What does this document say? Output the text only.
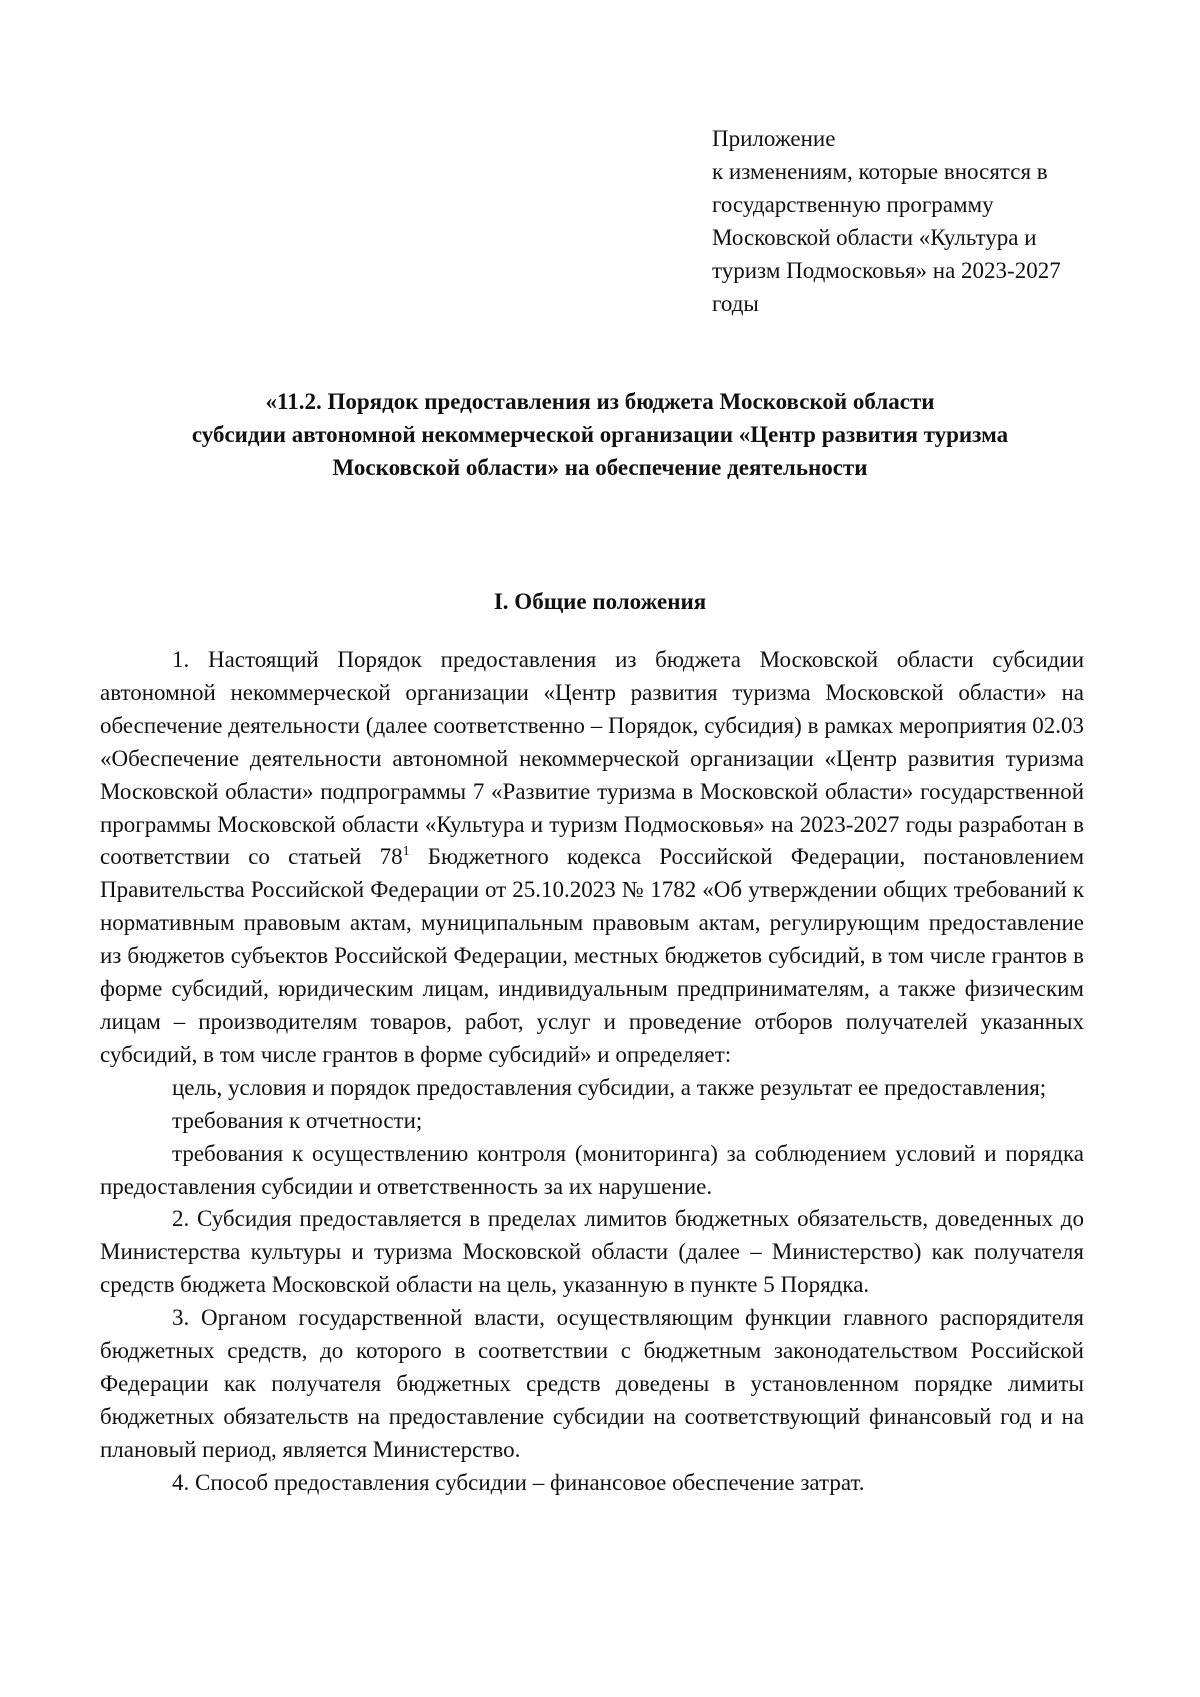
Приложение
к изменениям, которые вносятся в
государственную программу
Московской области «Культура и
туризм Подмосковья» на 2023-2027
годы
«11.2. Порядок предоставления из бюджета Московской области
субсидии автономной некоммерческой организации «Центр развития туризма
Московской области» на обеспечение деятельности
I. Общие положения

1. Настоящий Порядок предоставления из бюджета Московской области субсидии автономной некоммерческой организации «Центр развития туризма Московской области» на обеспечение деятельности (далее соответственно – Порядок, субсидия) в рамках мероприятия 02.03 «Обеспечение деятельности автономной некоммерческой организации «Центр развития туризма Московской области» подпрограммы 7 «Развитие туризма в Московской области» государственной программы Московской области «Культура и туризм Подмосковья» на 2023-2027 годы разработан в соответствии со статьей $78^1$ Бюджетного кодекса Российской Федерации, постановлением Правительства Российской Федерации от 25.10.2023 № 1782 «Об утверждении общих требований к нормативным правовым актам, муниципальным правовым актам, регулирующим предоставление из бюджетов субъектов Российской Федерации, местных бюджетов субсидий, в том числе грантов в форме субсидий, юридическим лицам, индивидуальным предпринимателям, а также физическим лицам – производителям товаров, работ, услуг и проведение отборов получателей указанных субсидий, в том числе грантов в форме субсидий» и определяет:

цель, условия и порядок предоставления субсидии, а также результат ее предоставления;

требования к отчетности;

требования к осуществлению контроля (мониторинга) за соблюдением условий и порядка предоставления субсидии и ответственность за их нарушение.

2. Субсидия предоставляется в пределах лимитов бюджетных обязательств, доведенных до Министерства культуры и туризма Московской области (далее – Министерство) как получателя средств бюджета Московской области на цель, указанную в пункте 5 Порядка.

3. Органом государственной власти, осуществляющим функции главного распорядителя бюджетных средств, до которого в соответствии с бюджетным законодательством Российской Федерации как получателя бюджетных средств доведены в установленном порядке лимиты бюджетных обязательств на предоставление субсидии на соответствующий финансовый год и на плановый период, является Министерство.

4. Способ предоставления субсидии – финансовое обеспечение затрат.
